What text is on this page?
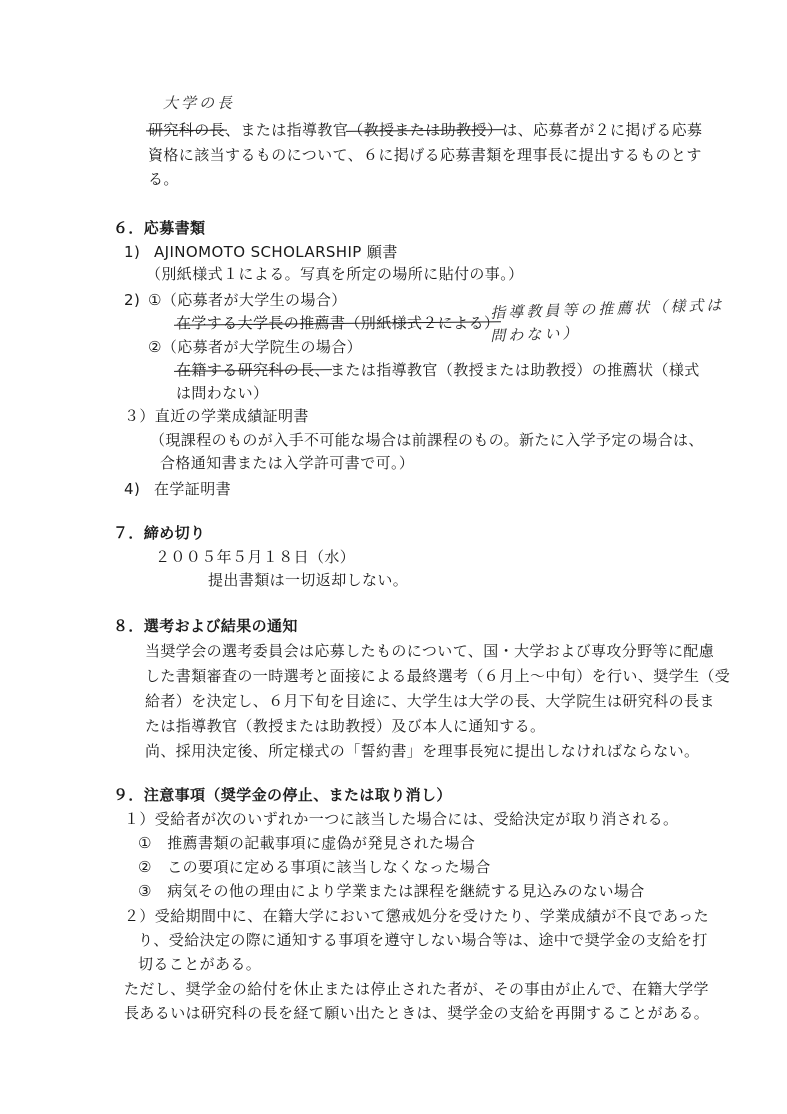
大学の長
指導教員等の推薦状（様式は
問わない）
研究科の長、または指導教官（教授または助教授）は、応募者が２に掲げる応募
資格に該当するものについて、６に掲げる応募書類を理事長に提出するものとす
る。
６．応募書類
1) AJINOMOTO SCHOLARSHIP 願書
（別紙様式１による。写真を所定の場所に貼付の事。）
2) ①（応募者が大学生の場合）
在学する大学長の推薦書（別紙様式２による）
②（応募者が大学院生の場合）
在籍する研究科の長、または指導教官（教授または助教授）の推薦状（様式
は問わない）
３）直近の学業成績証明書
（現課程のものが入手不可能な場合は前課程のもの。新たに入学予定の場合は、
合格通知書または入学許可書で可。）
4) 在学証明書
７．締め切り
２００５年５月１８日（水）
提出書類は一切返却しない。
８．選考および結果の通知
当奨学会の選考委員会は応募したものについて、国・大学および専攻分野等に配慮
した書類審査の一時選考と面接による最終選考（６月上～中旬）を行い、奨学生（受
給者）を決定し、６月下旬を目途に、大学生は大学の長、大学院生は研究科の長ま
たは指導教官（教授または助教授）及び本人に通知する。
尚、採用決定後、所定様式の「誓約書」を理事長宛に提出しなければならない。
９．注意事項（奨学金の停止、または取り消し）
１）受給者が次のいずれか一つに該当した場合には、受給決定が取り消される。
①　推薦書類の記載事項に虚偽が発見された場合
②　この要項に定める事項に該当しなくなった場合
③　病気その他の理由により学業または課程を継続する見込みのない場合
２）受給期間中に、在籍大学において懲戒処分を受けたり、学業成績が不良であった
り、受給決定の際に通知する事項を遵守しない場合等は、途中で奨学金の支給を打
切ることがある。
ただし、奨学金の給付を休止または停止された者が、その事由が止んで、在籍大学学
長あるいは研究科の長を経て願い出たときは、奨学金の支給を再開することがある。
